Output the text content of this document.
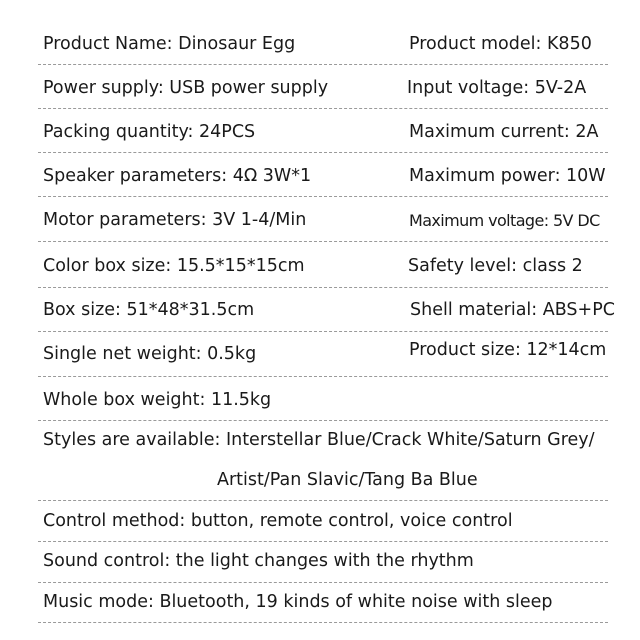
Product Name: Dinosaur Egg	Product model: K850
Power supply: USB power supply	Input voltage: 5V-2A
Packing quantity: 24PCS	Maximum current: 2A
Speaker parameters: 4Ω 3W*1	Maximum power: 10W
Motor parameters: 3V 1-4/Min	Maximum voltage: 5V DC
Color box size: 15.5*15*15cm	Safety level: class 2
Box size: 51*48*31.5cm	Shell material: ABS+PC
Single net weight: 0.5kg	Product size: 12*14cm
Whole box weight: 11.5kg
Styles are available: Interstellar Blue/Crack White/Saturn Grey/
Artist/Pan Slavic/Tang Ba Blue
Control method: button, remote control, voice control
Sound control: the light changes with the rhythm
Music mode: Bluetooth, 19 kinds of white noise with sleep
